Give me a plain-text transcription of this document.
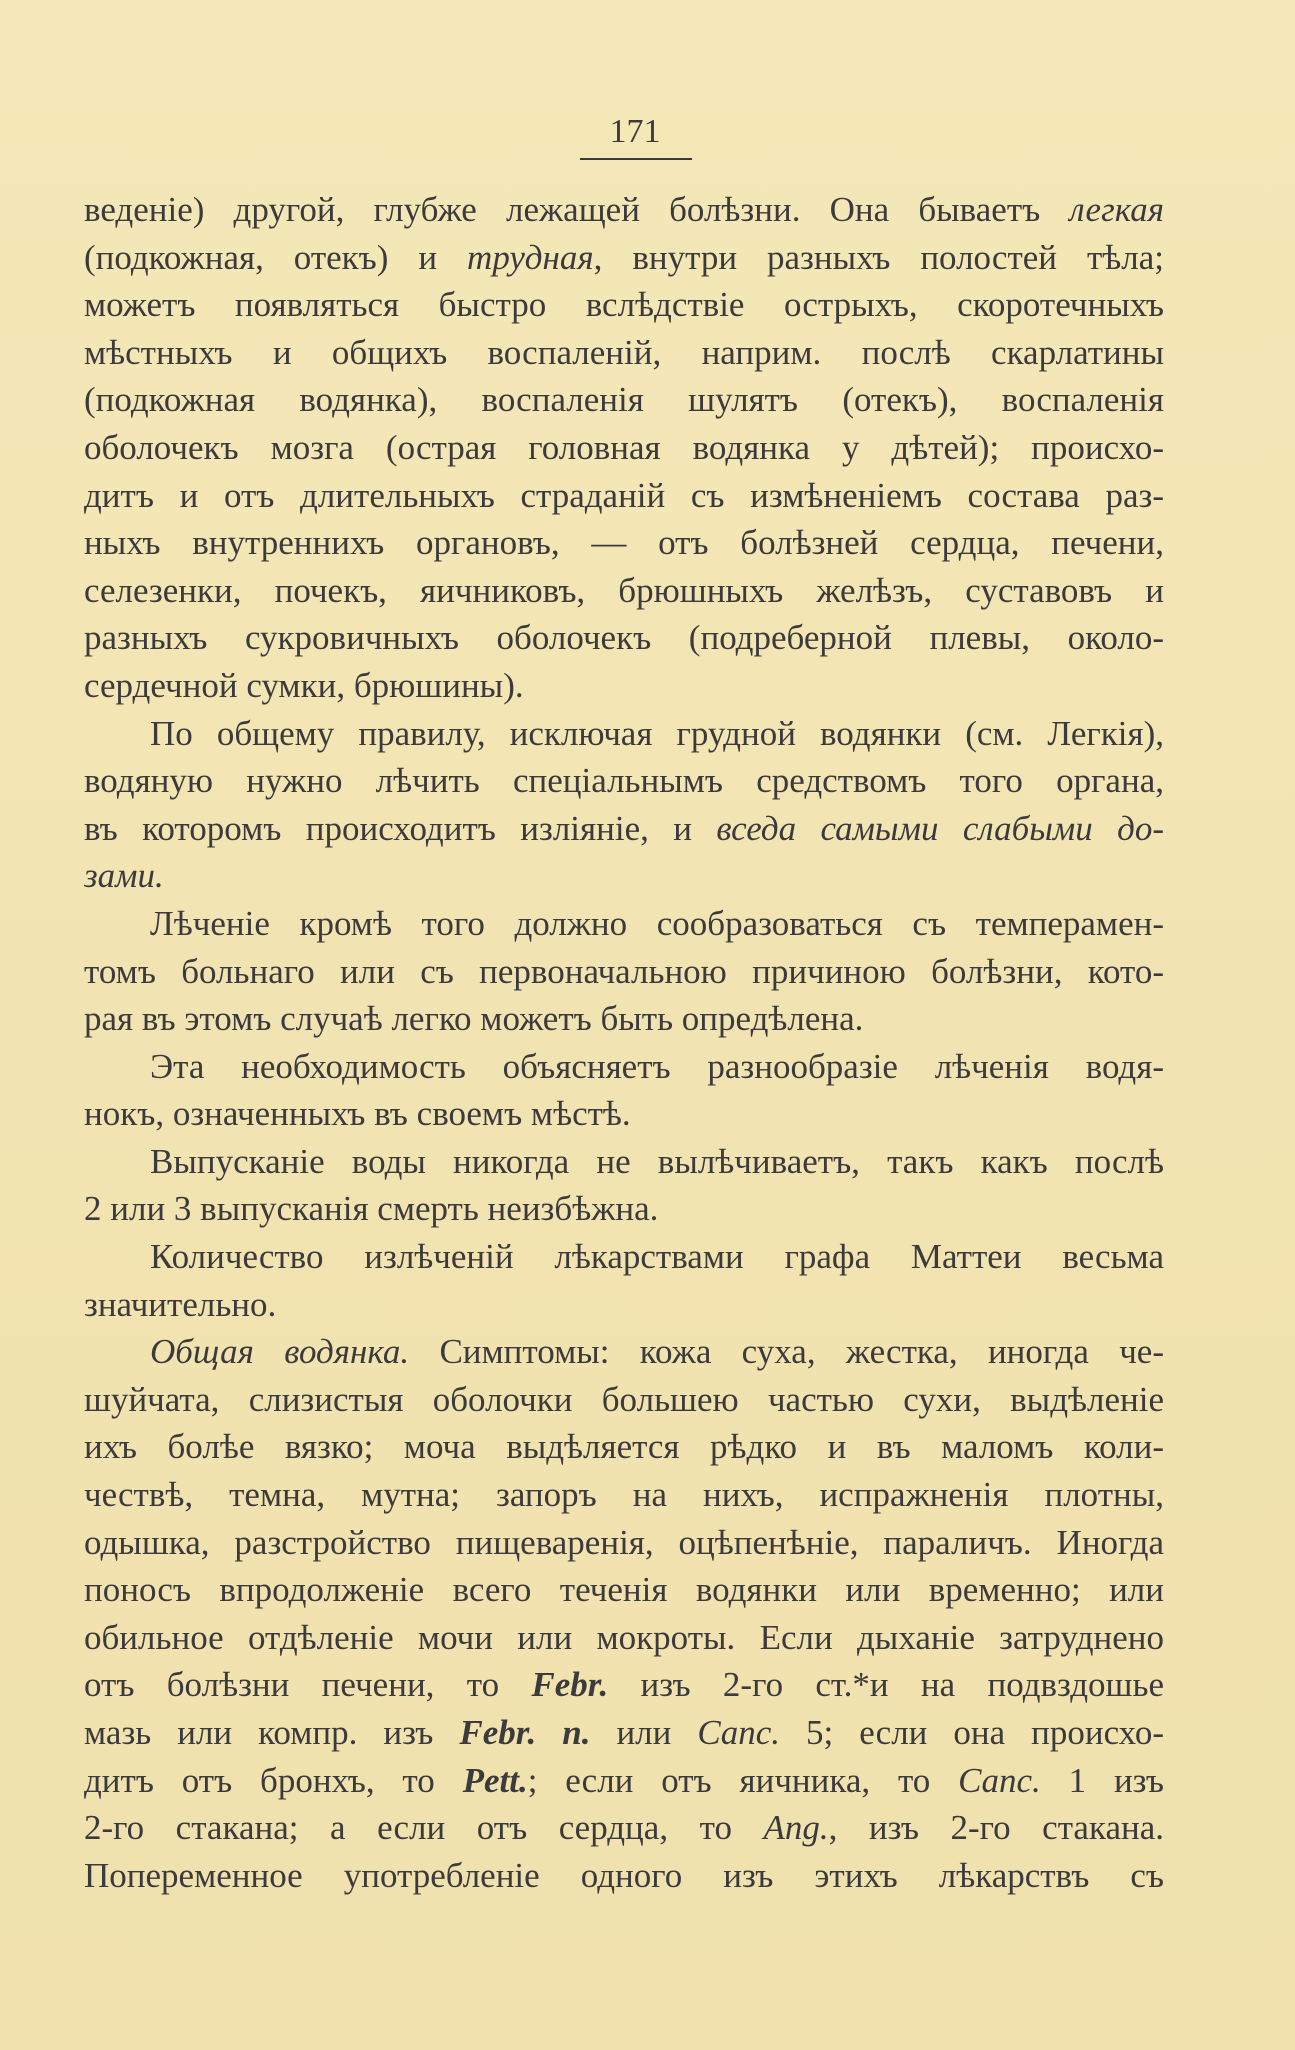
171
веденіе) другой, глубже лежащей болѣзни. Она бываетъ легкая
(подкожная, отекъ) и трудная, внутри разныхъ полостей тѣла;
можетъ появляться быстро вслѣдствіе острыхъ, скоротечныхъ
мѣстныхъ и общихъ воспаленій, наприм. послѣ скарлатины
(подкожная водянка), воспаленія шулятъ (отекъ), воспаленія
оболочекъ мозга (острая головная водянка у дѣтей); происхо-
дитъ и отъ длительныхъ страданій съ измѣненіемъ состава раз-
ныхъ внутреннихъ органовъ, — отъ болѣзней сердца, печени,
селезенки, почекъ, яичниковъ, брюшныхъ желѣзъ, суставовъ и
разныхъ сукровичныхъ оболочекъ (подреберной плевы, около-
сердечной сумки, брюшины).
По общему правилу, исключая грудной водянки (см. Легкія),
водяную нужно лѣчить спеціальнымъ средствомъ того органа,
въ которомъ происходитъ изліяніе, и вседа самыми слабыми до-
зами.
Лѣченіе кромѣ того должно сообразоваться съ темперамен-
томъ больнаго или съ первоначальною причиною болѣзни, кото-
рая въ этомъ случаѣ легко можетъ быть опредѣлена.
Эта необходимость объясняетъ разнообразіе лѣченія водя-
нокъ, означенныхъ въ своемъ мѣстѣ.
Выпусканіе воды никогда не вылѣчиваетъ, такъ какъ послѣ
2 или 3 выпусканія смерть неизбѣжна.
Количество излѣченій лѣкарствами графа Маттеи весьма
значительно.
Общая водянка. Симптомы: кожа суха, жестка, иногда че-
шуйчата, слизистыя оболочки большею частью сухи, выдѣленіе
ихъ болѣе вязко; моча выдѣляется рѣдко и въ маломъ коли-
чествѣ, темна, мутна; запоръ на нихъ, испражненія плотны,
одышка, разстройство пищеваренія, оцѣпенѣніе, параличъ. Иногда
поносъ впродолженіе всего теченія водянки или временно; или
обильное отдѣленіе мочи или мокроты. Если дыханіе затруднено
отъ болѣзни печени, то Febr. изъ 2-го ст.*и на подвздошье
мазь или компр. изъ Febr. n. или Canc. 5; если она происхо-
дитъ отъ бронхъ, то Pett.; если отъ яичника, то Canc. 1 изъ
2-го стакана; а если отъ сердца, то Ang., изъ 2-го стакана.
Попеременное употребленіе одного изъ этихъ лѣкарствъ съ
